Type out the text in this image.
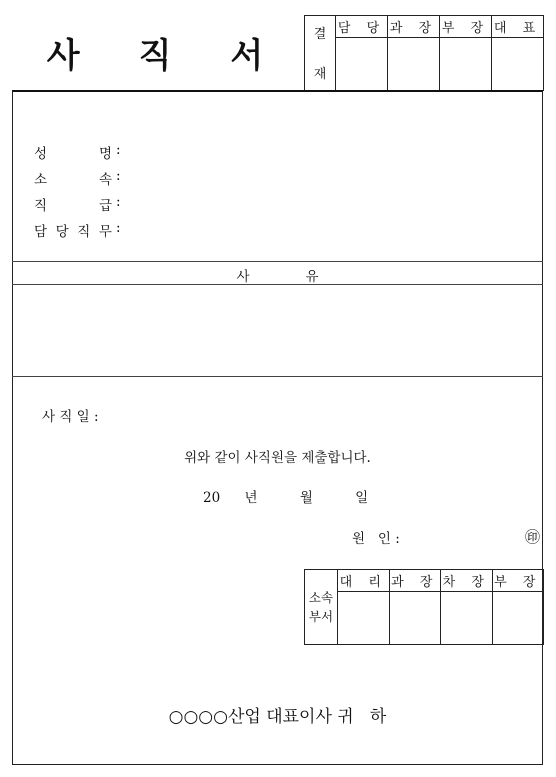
사 직 서
결
재	담 당	과 장	부 장	대 표

성	명 :
소	속 :
직	급 :
담 당 직 무 :
사	유
사 직 일 :
위와 같이 사직원을 제출합니다.
20 년	월	일
원   인 :	㊞
소속
부서	대 리	과 장	차 장	부 장

○○○○산업 대표이사 귀   하
